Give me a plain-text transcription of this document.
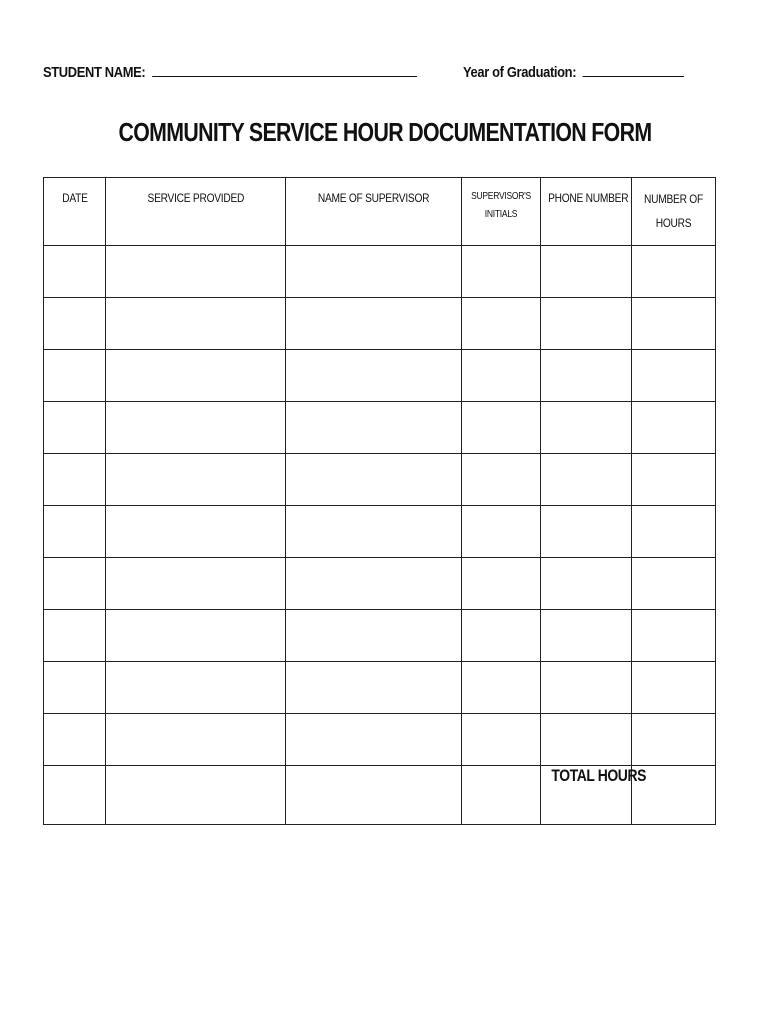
STUDENT NAME:	Year of Graduation:
COMMUNITY SERVICE HOUR DOCUMENTATION FORM
DATE	SERVICE PROVIDED	NAME OF SUPERVISOR	SUPERVISOR'S INITIALS	PHONE NUMBER	NUMBER OF HOURS

				TOTAL HOURS	
